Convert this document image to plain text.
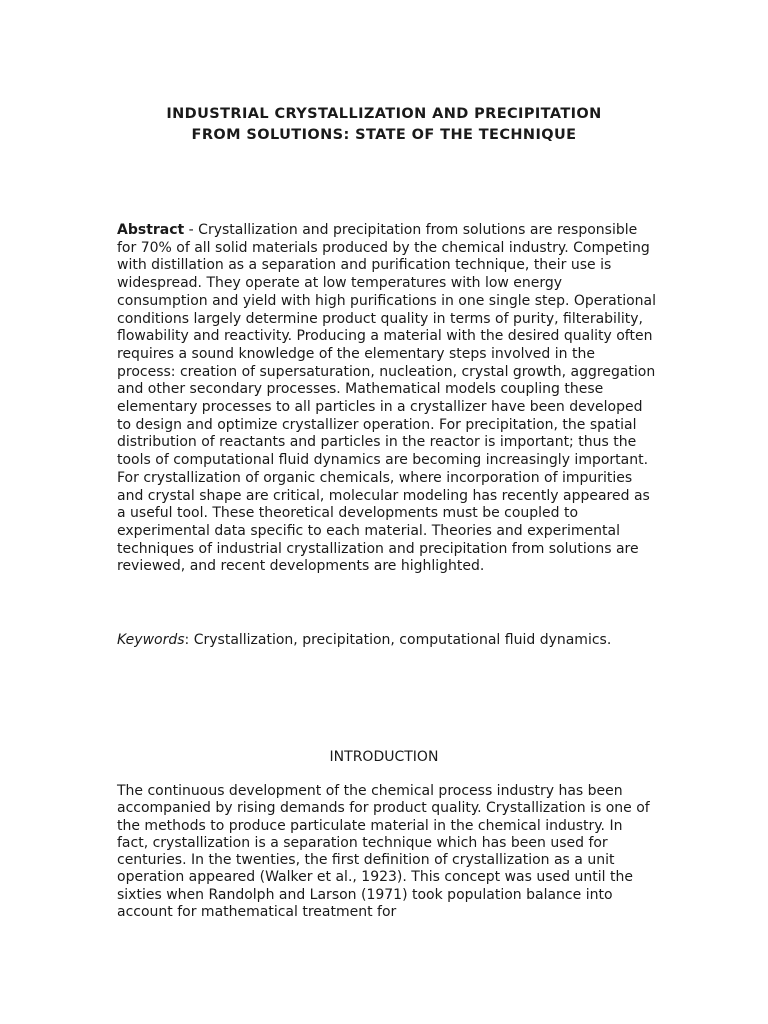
INDUSTRIAL CRYSTALLIZATION AND PRECIPITATION
FROM SOLUTIONS: STATE OF THE TECHNIQUE

Abstract - Crystallization and precipitation from solutions are responsible for 70% of all solid materials produced by the chemical industry. Competing with distillation as a separation and purification technique, their use is widespread. They operate at low temperatures with low energy consumption and yield with high purifications in one single step. Operational conditions largely determine product quality in terms of purity, filterability, flowability and reactivity. Producing a material with the desired quality often requires a sound knowledge of the elementary steps involved in the process: creation of supersaturation, nucleation, crystal growth, aggregation and other secondary processes. Mathematical models coupling these elementary processes to all particles in a crystallizer have been developed to design and optimize crystallizer operation. For precipitation, the spatial distribution of reactants and particles in the reactor is important; thus the tools of computational fluid dynamics are becoming increasingly important. For crystallization of organic chemicals, where incorporation of impurities and crystal shape are critical, molecular modeling has recently appeared as a useful tool. These theoretical developments must be coupled to experimental data specific to each material. Theories and experimental techniques of industrial crystallization and precipitation from solutions are reviewed, and recent developments are highlighted.

Keywords: Crystallization, precipitation, computational fluid dynamics.

INTRODUCTION

The continuous development of the chemical process industry has been accompanied by rising demands for product quality. Crystallization is one of the methods to produce particulate material in the chemical industry. In fact, crystallization is a separation technique which has been used for centuries. In the twenties, the first definition of crystallization as a unit operation appeared (Walker et al., 1923). This concept was used until the sixties when Randolph and Larson (1971) took population balance into account for mathematical treatment for
